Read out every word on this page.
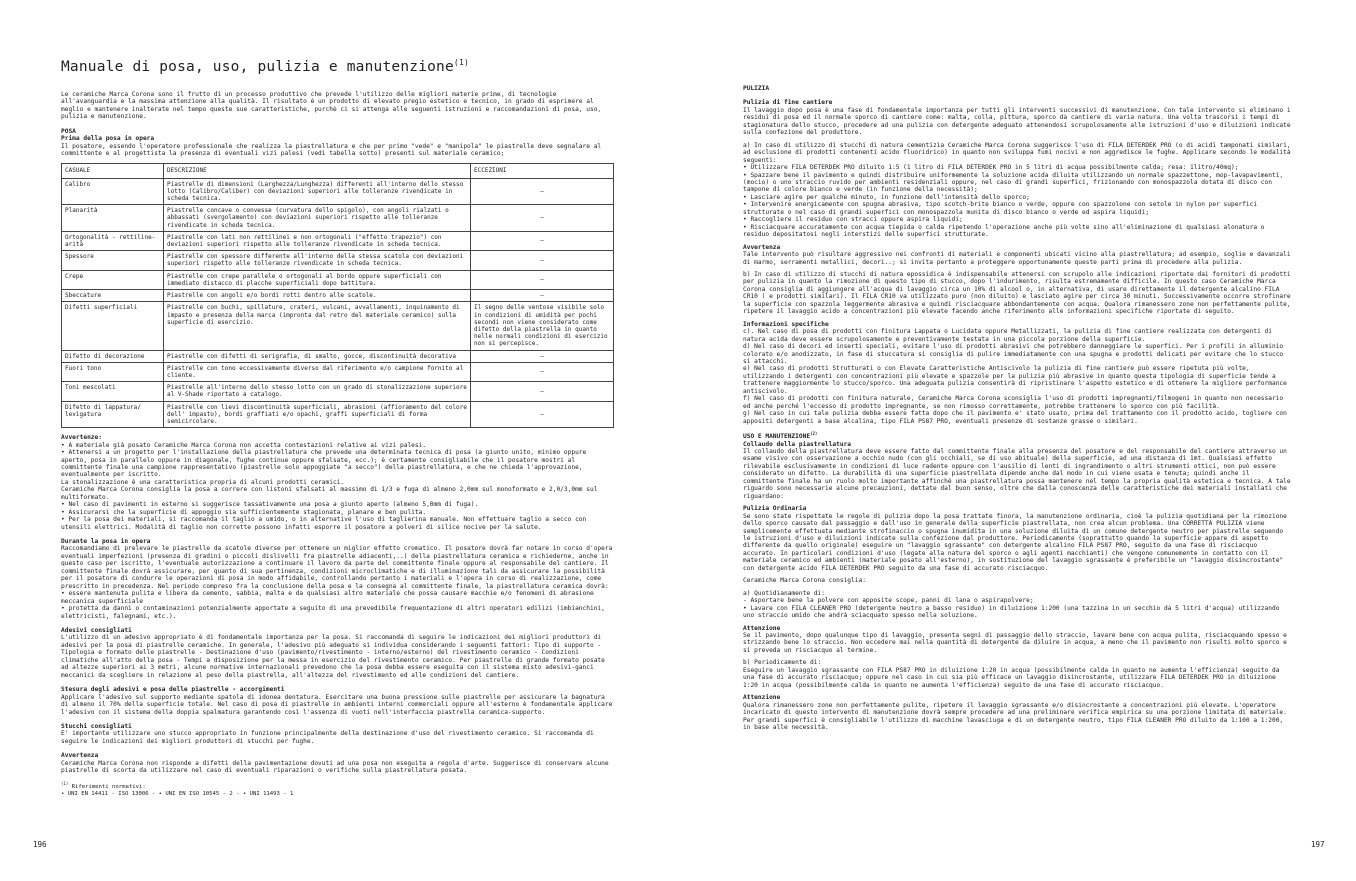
Manuale di posa, uso, pulizia e manutenzione$^{(1)}$

Le ceramiche Marca Corona sono il frutto di un processo produttivo che prevede l'utilizzo delle migliori materie prime, di tecnologie all'avanguardia e la massima attenzione alla qualità. Il risultato è un prodotto di elevato pregio estetico e tecnico, in grado di esprimere al meglio e mantenere inalterate nel tempo queste sue caratteristiche, purchè ci si attenga alle seguenti istruzioni e raccomandazioni di posa, uso, pulizia e manutenzione.

POSA

Prima della posa in opera

Il posatore, essendo l'operatore professionale che realizza la piastrellatura e che per primo "vede" e "manipola" le piastrelle deve segnalare al committente e al progettista la presenza di eventuali vizi palesi (vedi tabella sotto) presenti sul materiale ceramico;

CASUALE	DESCRIZIONE	ECCEZIONI
Calibro	Piastrelle di dimensioni (Larghezza/Lunghezza) differenti all'interno dello stesso lotto (Calibro/Caliber) con deviazioni superiori alle tolleranze rivendicate in scheda tecnica.	–
Planarità	Piastrelle concave o convesse (curvatura dello spigolo), con angoli rialzati o abbassati (svergolamento) con deviazioni superiori rispetto alle tolleranze rivendicate in scheda tecnica.	–
Ortogonalità - rettiline-arità	Piastrelle con lati non rettilinei e non ortogonali ("effetto trapezio") con deviazioni superiori rispetto alle tolleranze rivendicate in scheda tecnica.	–
Spessore	Piastrelle con spessore differente all'interno della stessa scatola con deviazioni superiori rispetto alle tolleranze rivendicate in scheda tecnica.	–
Crepe	Piastrelle con crepe parallele o ortogonali al bordo oppure superficiali con immediato distacco di placche superficiali dopo battitura.	–
Sbeccature	Piastrelle con angoli e/o bordi rotti dentro alle scatole.	–
Difetti superficiali	Piastrelle con buchi, spillature, crateri, vulcani, avvallamenti, inquinamento di impasto e presenza della marca (impronta dal retro del materiale ceramico) sulla superficie di esercizio.	Il segno delle ventose visibile solo in condizioni di umidità per pochi secondi non viene considerato come difetto della piastrella in quanto nelle normali condizioni di esercizio non si percepisce.
Difetto di decorazione	Piastrelle con difetti di serigrafia, di smalto, gocce, discontinuità decorativa	–
Fuori tono	Piastrelle con tono eccessivamente diverso dal riferimento e/o campione fornito al cliente.	–
Toni mescolati	Piastrelle all'interno dello stesso lotto con un grado di stonalizzazione superiore al V-Shade riportato a catalogo.	–
Difetto di lappatura/ levigatura	Piastrelle con lievi discontinuità superficiali, abrasioni (affioramento del colore dell' impasto), bordi graffiati e/o opachi, graffi superficiali di forma semicircolare.	–

Avvertenze:

• A materiale già posato Ceramiche Marca Corona non accetta contestazioni relative ai vizi palesi.

• Attenersi a un progetto per l'installazione della piastrellatura che prevede una determinata tecnica di posa (a giunto unito, minimo oppure aperto, posa in parallelo oppure in diagonale, fughe continue oppure sfalsate, ecc.); è certamente consigliabile che il posatore mostri al committente finale una campione rappresentativo (piastrelle solo appoggiate "a secco") della piastrellatura, e che ne chieda l'approvazione, eventualmente per iscritto.

La stonalizzazione è una caratteristica propria di alcuni prodotti ceramici.

Ceramiche Marca Corona consiglia la posa a correre con listoni sfalsati al massimo di 1/3 e fuga di almeno 2,0mm sul monoformato e 2,0/3,0mm sul multiformato.

• Nel caso di pavimenti in esterno si suggerisce tassativamente una posa a giunto aperto (almeno 5,0mm di fuga).

• Assicurarsi che la superficie di appoggio sia sufficientemente stagionata, planare e ben pulita.

• Per la posa dei materiali, si raccomanda il taglio a umido, o in alternative l'uso di taglierina manuale. Non effettuare taglio a secco con utensili elettrici. Modalità di taglio non corrette possono infatti esporre il posatore a polveri di silice nocive per la salute.

Durante la posa in opera

Raccomandiamo di prelevare le piastrelle da scatole diverse per ottenere un miglior effetto cromatico. Il posatore dovrà far notare in corso d'opera eventuali imperfezioni (presenza di gradini o piccoli dislivelli fra piastrelle adiacenti,..) della piastrellatura ceramica e richiederne, anche in questo caso per iscritto, l'eventuale autorizzazione a continuare il lavoro da parte del committente finale oppure al responsabile del cantiere. Il committente finale dovrà assicurare, per quanto di sua pertinenza, condizioni microclimatiche e di illuminazione tali da assicurare la possibilità per il posatore di condurre le operazioni di posa in modo affidabile, controllando pertanto i materiali e l'opera in corso di realizzazione, come prescritto in precedenza. Nel periodo compreso fra la conclusione della posa e la consegna al committente finale, la piastrellatura ceramica dovrà:

• essere mantenuta pulita e libera da cemento, sabbia, malta e da qualsiasi altro materiale che possa causare macchie e/o fenomeni di abrasione meccanica superficiale

• protetta da danni o contaminazioni potenzialmente apportate a seguito di una prevedibile frequentazione di altri operatori edilizi (imbianchini, elettricisti, falegnami, etc.).

Adesivi consigliati

L'utilizzo di un adesivo appropriato è di fondamentale importanza per la posa. Si raccomanda di seguire le indicazioni dei migliori produttori di adesivi per la posa di piastrelle ceramiche. In generale, l'adesivo più adeguato si individua considerando i seguenti fattori: Tipo di supporto - Tipologia e formato delle piastrelle - Destinazione d'uso (pavimento/rivestimento - interno/esterno) del rivestimento ceramico - Condizioni climatiche all'atto della posa - Tempi a disposizione per la messa in esercizio del rivestimento ceramico. Per piastrelle di grande formato posate ad altezze superiori ai 3 metri, alcune normative internazionali prevedono che la posa debba essere eseguita con il sistema misto adesivi-ganci meccanici da scegliere in relazione al peso della piastrella, all'altezza del rivestimento ed alle condizioni del cantiere.

Stesura degli adesivi e posa delle piastrelle - accorgimenti

Applicare l'adesivo sul supporto mediante spatola di idonea dentatura. Esercitare una buona pressione sulle piastrelle per assicurare la bagnatura di almeno il 70% della superficie totale. Nel caso di posa di piastrelle in ambienti interni commerciali oppure all'esterno è fondamentale applicare l'adesivo con il sistema della doppia spalmatura garantendo così l'assenza di vuoti nell'interfaccia piastrella ceramica-supporto.

Stucchi consigliati

E' importante utilizzare uno stucco appropriato in funzione principalmente della destinazione d'uso del rivestimento ceramico. Si raccomanda di seguire le indicazioni dei migliori produttori di stucchi per fughe.

Avvertenza

Ceramiche Marca Corona non risponde a difetti della pavimentazione dovuti ad una posa non eseguita a regola d'arte. Suggerisce di conservare alcune piastrelle di scorta da utilizzare nel caso di eventuali riparazioni o verifiche sulla piastrellatura posata.

$^{(1)}$ Riferimenti normativi:

• UNI EN 14411 - ISO 13006 - • UNI EN ISO 10545 - 2 - • UNI 11493 - 1

196

PULIZIA

Pulizia di fine cantiere

Il lavaggio dopo posa è una fase di fondamentale importanza per tutti gli interventi successivi di manutenzione. Con tale intervento si eliminano i residui di posa ed il normale sporco di cantiere come: malta, colla, pittura, sporco da cantiere di varia natura. Una volta trascorsi i tempi di stagionatura dello stucco, procedere ad una pulizia con detergente adeguato attenendosi scrupolosamente alle istruzioni d'uso e diluizioni indicate sulla confezione del produttore.

a) In caso di utilizzo di stucchi di natura cementizia Ceramiche Marca Corona suggerisce l'uso di FILA DETERDEK PRO (o di acidi tamponati similari, ad esclusione di prodotti contenenti acido fluoridrico) in quanto non sviluppa fumi nocivi e non aggredisce le fughe. Applicare secondo le modalità seguenti:

• Utilizzare FILA DETERDEK PRO diluito 1:5 (1 litro di FILA DETERDEK PRO in 5 litri di acqua possibilmente calda; resa: 1litro/40mq);

• Spazzare bene il pavimento e quindi distribuire uniformemente la soluzione acida diluita utilizzando un normale spazzettone, mop-lavapavimenti, (mocio) o uno straccio ruvido per ambienti residenziali oppure, nel caso di grandi superfici, frizionando con monospazzola dotata di disco con tampone di colore bianco e verde (in funzione della necessità);

• Lasciare agire per qualche minuto, in funzione dell'intensità dello sporco;

• Intervenire energicamente con spugna abrasiva, tipo scotch-brite bianco o verde, oppure con spazzolone con setole in nylon per superfici strutturate o nel caso di grandi superfici con monospazzola munita di disco bianco o verde ed aspira liquidi;

• Raccogliere il residuo con stracci oppure aspira liquidi;

• Risciacquare accuratamente con acqua tiepida o calda ripetendo l'operazione anche più volte sino all'eliminazione di qualsiasi alonatura o residuo depositatosi negli interstizi delle superfici strutturate.

Avvertenza

Tale intervento può risultare aggressivo nei confronti di materiali e componenti ubicati vicino alla piastrellatura; ad esempio, soglie e davanzali di marmo, serramenti metallici, decori..; si invita pertanto a proteggere opportunamente queste parti prima di procedere alla pulizia.

b) In caso di utilizzo di stucchi di natura epossidica è indispensabile attenersi con scrupolo alle indicazioni riportate dai fornitori di prodotti per pulizia in quanto la rimozione di questo tipo di stucco, dopo l'indurimento, risulta estremamente difficile. In questo caso Ceramiche Marca Corona consiglia di aggiungere all'acqua di lavaggio circa un 10% di alcool o, in alternativa, di usare direttamente il detergente alcalino FILA CR10 ( e prodotti similari). Il FILA CR10 va utilizzato puro (non diluito) e lasciato agire per circa 30 minuti. Successivamente occorre strofinare la superficie con spazzola leggermente abrasiva e quindi risciacquare abbondantemente con acqua. Qualora rimanessero zone non perfettamente pulite, ripetere il lavaggio acido a concentrazioni più elevate facendo anche riferimento alle informazioni specifiche riportate di seguito.

Informazioni specifiche

c). Nel caso di posa di prodotti con finitura Lappata o Lucidata oppure Metallizzati, la pulizia di fine cantiere realizzata con detergenti di natura acida deve essere scrupolosamente e preventivamente testata in una piccola porzione della superficie.

d) Nel caso di decori ed inserti speciali, evitare l'uso di prodotti abrasivi che potrebbero danneggiare le superfici. Per i profili in alluminio colorato e/o anodizzato, in fase di stuccatura si consiglia di pulire immediatamente con una spugna e prodotti delicati per evitare che lo stucco si attacchi.

e) Nel caso di prodotti Strutturati o con Elevate Caratteristiche Antiscivolo la pulizia di fine cantiere può essere ripetuta più volte, utilizzando i detergenti con concentrazioni più elevate e spazzole per la pulizia più abrasive in quanto questa tipologia di superficie tende a trattenere maggiormente lo stucco/sporco. Una adeguata pulizia consentirà di ripristinare l'aspetto estetico e di ottenere la migliore performance antiscivolo.

f) Nel caso di prodotti con finitura naturale, Ceramiche Marca Corona sconsiglia l'uso di prodotti impregnanti/filmogeni in quanto non necessario ed anche perché l'eccesso di prodotto impregnante, se non rimosso correttamente, potrebbe trattenere lo sporco con più facilità.

g) Nel caso in cui tale pulizia debba essere fatta dopo che il pavimento e' stato usato, prima del trattamento con il prodotto acido, togliere con appositi detergenti a base alcalina, tipo FILA PS87 PRO, eventuali presenze di sostanze grasse o similari.

USO E MANUTENZIONE$^{(2)}$

Collaudo della piastrellatura

Il collaudo della piastrellatura deve essere fatto dal committente finale alla presenza del posatore e del responsabile del cantiere attraverso un esame visivo con osservazione a occhio nudo (con gli occhiali, se di uso abituale) della superficie, ad una distanza di 1mt. Qualsiasi effetto rilevabile esclusivamente in condizioni di luce radente oppure con l'ausilio di lenti di ingrandimento o altri strumenti ottici, non può essere considerato un difetto. La durabilità di una superficie piastrellata dipende anche dal modo in cui viene usata e tenuta; quindi anche il committente finale ha un ruolo molto importante affinché una piastrellatura possa mantenere nel tempo la propria qualità estetica e tecnica. A tale riguardo sono necessarie alcune precauzioni, dettate dal buon senso, oltre che dalla conoscenza delle caratteristiche dei materiali installati che riguardano:

Pulizia Ordinaria

Se sono state rispettate le regole di pulizia dopo la posa trattate finora, la manutenzione ordinaria, cioè la pulizia quotidiana per la rimozione dello sporco causato dal passaggio e dall'uso in generale della superficie piastrellata, non crea alcun problema. Una CORRETTA PULIZIA viene semplicemente effettuata mediante strofinaccio o spugna inumidita in una soluzione diluita di un comune detergente neutro per piastrelle seguendo le istruzioni d'uso e diluizioni indicate sulla confezione dal produttore. Periodicamente (soprattutto quando la superficie appare di aspetto differente da quello originale) eseguire un "lavaggio sgrassante" con detergente alcalino FILA PS87 PRO, seguito da una fase di risciacquo accurato. In particolari condizioni d'uso (legate alla natura del sporco o agli agenti macchianti) che vengono comunemente in contatto con il materiale ceramico ed ambienti (materiale posato all'esterno), in sostituzione del lavaggio sgrassante è preferibile un "lavaggio disincrostante" con detergente acido FILA DETERDEK PRO seguito da una fase di accurato risciacquo.

Ceramiche Marca Corona consiglia:

a) Quotidianamente di:

- Asportare bene la polvere con apposite scope, panni di lana o aspirapolvere;

• Lavare con FILA CLEANER PRO (detergente neutro a basso residuo) in diluizione 1:200 (una tazzina in un secchio da 5 litri d'acqua) utilizzando uno straccio umido che andrà sciacquato spesso nella soluzione.

Attenzione

Se il pavimento, dopo qualunque tipo di lavaggio, presenta segni di passaggio dello straccio, lavare bene con acqua pulita, risciacquando spesso e strizzando bene lo straccio. Non eccedere mai nella quantità di detergente da diluire in acqua, a meno che il pavimento non risulti molto sporco e si preveda un risciacquo al termine.

b) Periodicamente di:

Eseguire un lavaggio sgrassante con FILA PS87 PRO in diluizione 1:20 in acqua (possibilmente calda in quanto ne aumenta l'efficienza) seguito da una fase di accurato risciacquo; oppure nel caso in cui sia più efficace un lavaggio disincrostante, utilizzare FILA DETERDEK PRO in diluizione 1:20 in acqua (possibilmente calda in quanto ne aumenta l'efficienza) seguito da una fase di accurato risciacquo.

Attenzione

Qualora rimanessero zone non perfettamente pulite, ripetere il lavaggio sgrassante e/o disincrostante a concentrazioni più elevate. L'operatore incaricato di questo intervento di manutenzione dovrà sempre procedere ad una preliminare verifica empirica su una porzione limitata di materiale. Per grandi superfici è consigliabile l'utilizzo di macchine lavasciuga e di un detergente neutro, tipo FILA CLEANER PRO diluito da 1:100 a 1:200, in base alle necessità.

197
